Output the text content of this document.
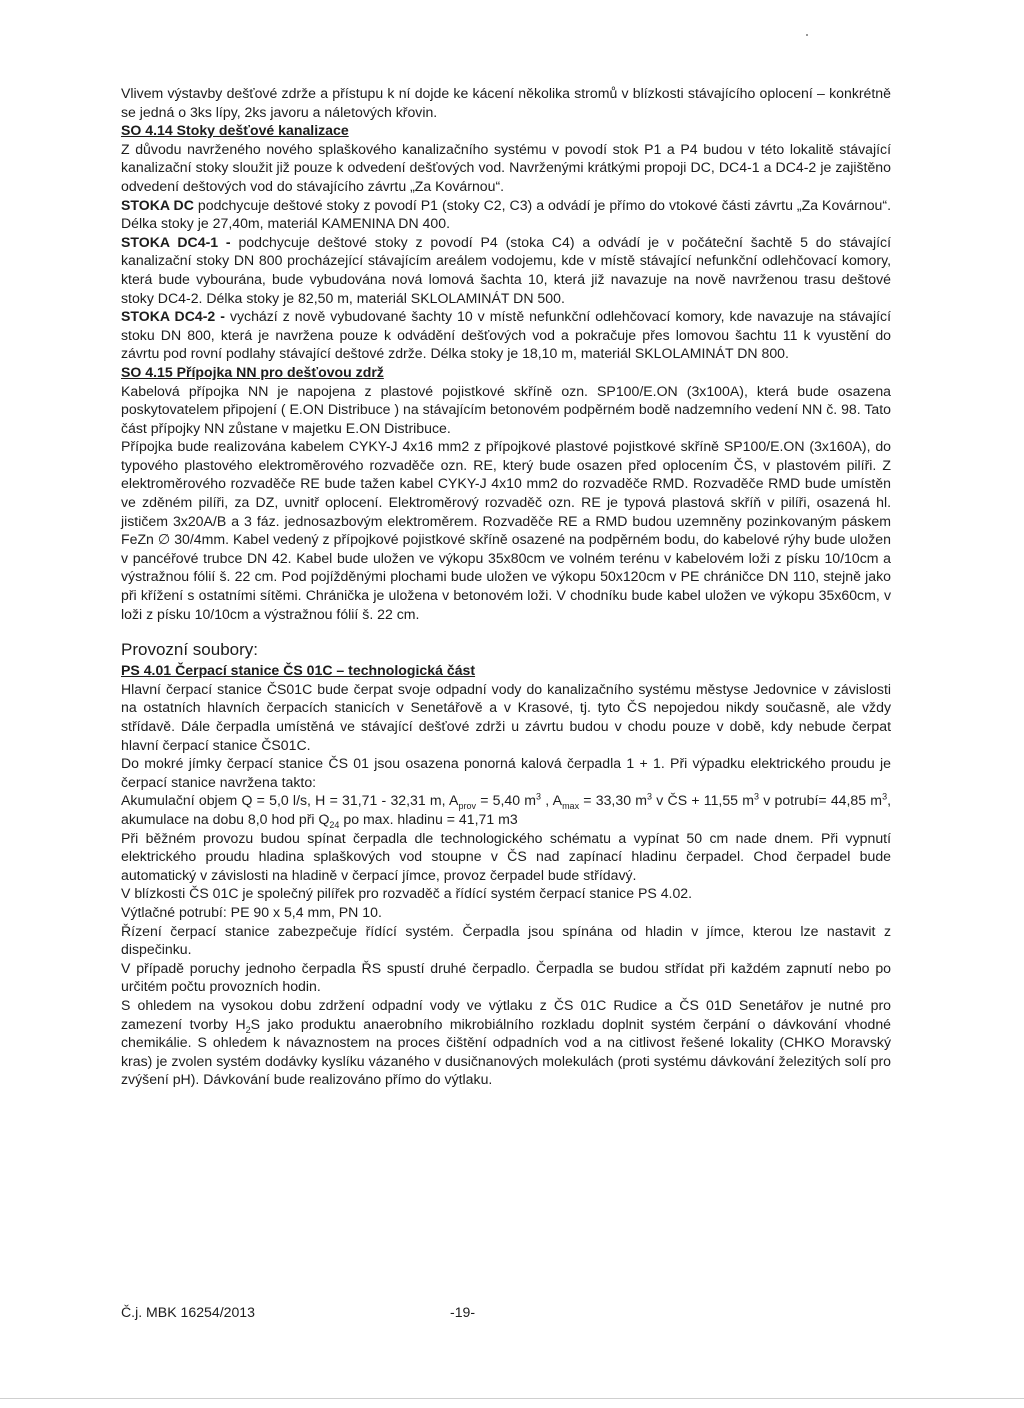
Vlivem výstavby dešťové zdrže a přístupu k ní dojde ke kácení několika stromů v blízkosti stávajícího oplocení – konkrétně se jedná o 3ks lípy, 2ks javoru a náletových křovin.

SO 4.14 Stoky dešťové kanalizace

Z důvodu navrženého nového splaškového kanalizačního systému v povodí stok P1 a P4 budou v této lokalitě stávající kanalizační stoky sloužit již pouze k odvedení dešťových vod. Navrženými krátkými propoji DC, DC4-1 a DC4-2 je zajištěno odvedení deštových vod do stávajícího závrtu „Za Kovárnou“.

STOKA DC podchycuje deštové stoky z povodí P1 (stoky C2, C3) a odvádí je přímo do vtokové části závrtu „Za Kovárnou“. Délka stoky je 27,40m, materiál KAMENINA DN 400.

STOKA DC4-1 - podchycuje deštové stoky z povodí P4 (stoka C4) a odvádí je v počáteční šachtě 5 do stávající kanalizační stoky DN 800 procházející stávajícím areálem vodojemu, kde v místě stávající nefunkční odlehčovací komory, která bude vybourána, bude vybudována nová lomová šachta 10, která již navazuje na nově navrženou trasu deštové stoky DC4-2. Délka stoky je 82,50 m, materiál SKLOLAMINÁT DN 500.

STOKA DC4-2 - vychází z nově vybudované šachty 10 v místě nefunkční odlehčovací komory, kde navazuje na stávající stoku DN 800, která je navržena pouze k odvádění dešťových vod a pokračuje přes lomovou šachtu 11 k vyustění do závrtu pod rovní podlahy stávající deštové zdrže. Délka stoky je 18,10 m, materiál SKLOLAMINÁT DN 800.

SO 4.15 Přípojka NN pro dešťovou zdrž

Kabelová přípojka NN je napojena z plastové pojistkové skříně ozn. SP100/E.ON (3x100A), která bude osazena poskytovatelem připojení ( E.ON Distribuce ) na stávajícím betonovém podpěrném bodě nadzemního vedení NN č. 98. Tato část přípojky NN zůstane v majetku E.ON Distribuce.

Přípojka bude realizována kabelem CYKY-J 4x16 mm2 z přípojkové plastové pojistkové skříně SP100/E.ON (3x160A), do typového plastového elektroměrového rozvaděče ozn. RE, který bude osazen před oplocením ČS, v plastovém pilíři. Z elektroměrového rozvaděče RE bude tažen kabel CYKY-J 4x10 mm2 do rozvaděče RMD. Rozvaděče RMD bude umístěn ve zděném pilíři, za DZ, uvnitř oplocení. Elektroměrový rozvaděč ozn. RE je typová plastová skříň v pilíři, osazená hl. jističem 3x20A/B a 3 fáz. jednosazbovým elektroměrem. Rozvaděče RE a RMD budou uzemněny pozinkovaným páskem FeZn ∅ 30/4mm. Kabel vedený z přípojkové pojistkové skříně osazené na podpěrném bodu, do kabelové rýhy bude uložen v pancéřové trubce DN 42. Kabel bude uložen ve výkopu 35x80cm ve volném terénu v kabelovém loži z písku 10/10cm a výstražnou fólií š. 22 cm. Pod pojížděnými plochami bude uložen ve výkopu 50x120cm v PE chráničce DN 110, stejně jako při křížení s ostatními sítěmi. Chránička je uložena v betonovém loži. V chodníku bude kabel uložen ve výkopu 35x60cm, v loži z písku 10/10cm a výstražnou fólií š. 22 cm.

Provozní soubory:

PS 4.01 Čerpací stanice ČS 01C – technologická část

Hlavní čerpací stanice ČS01C bude čerpat svoje odpadní vody do kanalizačního systému městyse Jedovnice v závislosti na ostatních hlavních čerpacích stanicích v Senetářově a v Krasové, tj. tyto ČS nepojedou nikdy současně, ale vždy střídavě. Dále čerpadla umístěná ve stávající dešťové zdrži u závrtu budou v chodu pouze v době, kdy nebude čerpat hlavní čerpací stanice ČS01C.

Do mokré jímky čerpací stanice ČS 01 jsou osazena ponorná kalová čerpadla 1 + 1. Při výpadku elektrického proudu je čerpací stanice navržena takto:

Akumulační objem Q = 5,0 l/s, H = 31,71 - 32,31 m, $A_{prov} = 5,40$ $m^3$ , $A_{max} = 33,30$ $m^3$ v ČS + 11,55 $m^3$ v potrubí= 44,85 $m^3$, akumulace na dobu 8,0 hod při $Q_{24}$ po max. hladinu = 41,71 m3

Při běžném provozu budou spínat čerpadla dle technologického schématu a vypínat 50 cm nade dnem. Při vypnutí elektrického proudu hladina splaškových vod stoupne v ČS nad zapínací hladinu čerpadel. Chod čerpadel bude automatický v závislosti na hladině v čerpací jímce, provoz čerpadel bude střídavý.

V blízkosti ČS 01C je společný pilířek pro rozvaděč a řídící systém čerpací stanice PS 4.02.

Výtlačné potrubí: PE 90 x 5,4 mm, PN 10.

Řízení čerpací stanice zabezpečuje řídící systém. Čerpadla jsou spínána od hladin v jímce, kterou lze nastavit z dispečinku.

V případě poruchy jednoho čerpadla ŘS spustí druhé čerpadlo. Čerpadla se budou střídat při každém zapnutí nebo po určitém počtu provozních hodin.

S ohledem na vysokou dobu zdržení odpadní vody ve výtlaku z ČS 01C Rudice a ČS 01D Senetářov je nutné pro zamezení tvorby $H_2S$ jako produktu anaerobního mikrobiálního rozkladu doplnit systém čerpání o dávkování vhodné chemikálie. S ohledem k návaznostem na proces čištění odpadních vod a na citlivost řešené lokality (CHKO Moravský kras) je zvolen systém dodávky kyslíku vázaného v dusičnanových molekulách (proti systému dávkování železitých solí pro zvýšení pH). Dávkování bude realizováno přímo do výtlaku.

Č.j. MBK 16254/2013	-19-
